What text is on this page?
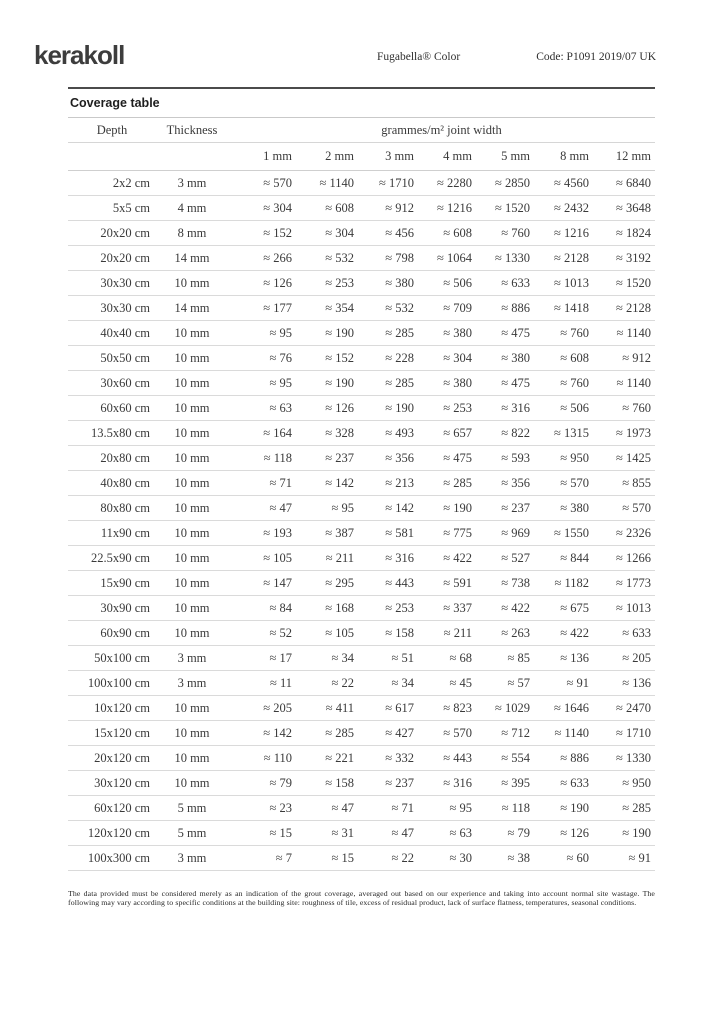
kerakoll	Fugabella® Color	Code: P1091 2019/07 UK
Coverage table
Depth	Thickness	grammes/m² joint width						
		1 mm	2 mm	3 mm	4 mm	5 mm	8 mm	12 mm
2x2 cm	3 mm	≈ 570	≈ 1140	≈ 1710	≈ 2280	≈ 2850	≈ 4560	≈ 6840
5x5 cm	4 mm	≈ 304	≈ 608	≈ 912	≈ 1216	≈ 1520	≈ 2432	≈ 3648
20x20 cm	8 mm	≈ 152	≈ 304	≈ 456	≈ 608	≈ 760	≈ 1216	≈ 1824
20x20 cm	14 mm	≈ 266	≈ 532	≈ 798	≈ 1064	≈ 1330	≈ 2128	≈ 3192
30x30 cm	10 mm	≈ 126	≈ 253	≈ 380	≈ 506	≈ 633	≈ 1013	≈ 1520
30x30 cm	14 mm	≈ 177	≈ 354	≈ 532	≈ 709	≈ 886	≈ 1418	≈ 2128
40x40 cm	10 mm	≈ 95	≈ 190	≈ 285	≈ 380	≈ 475	≈ 760	≈ 1140
50x50 cm	10 mm	≈ 76	≈ 152	≈ 228	≈ 304	≈ 380	≈ 608	≈ 912
30x60 cm	10 mm	≈ 95	≈ 190	≈ 285	≈ 380	≈ 475	≈ 760	≈ 1140
60x60 cm	10 mm	≈ 63	≈ 126	≈ 190	≈ 253	≈ 316	≈ 506	≈ 760
13.5x80 cm	10 mm	≈ 164	≈ 328	≈ 493	≈ 657	≈ 822	≈ 1315	≈ 1973
20x80 cm	10 mm	≈ 118	≈ 237	≈ 356	≈ 475	≈ 593	≈ 950	≈ 1425
40x80 cm	10 mm	≈ 71	≈ 142	≈ 213	≈ 285	≈ 356	≈ 570	≈ 855
80x80 cm	10 mm	≈ 47	≈ 95	≈ 142	≈ 190	≈ 237	≈ 380	≈ 570
11x90 cm	10 mm	≈ 193	≈ 387	≈ 581	≈ 775	≈ 969	≈ 1550	≈ 2326
22.5x90 cm	10 mm	≈ 105	≈ 211	≈ 316	≈ 422	≈ 527	≈ 844	≈ 1266
15x90 cm	10 mm	≈ 147	≈ 295	≈ 443	≈ 591	≈ 738	≈ 1182	≈ 1773
30x90 cm	10 mm	≈ 84	≈ 168	≈ 253	≈ 337	≈ 422	≈ 675	≈ 1013
60x90 cm	10 mm	≈ 52	≈ 105	≈ 158	≈ 211	≈ 263	≈ 422	≈ 633
50x100 cm	3 mm	≈ 17	≈ 34	≈ 51	≈ 68	≈ 85	≈ 136	≈ 205
100x100 cm	3 mm	≈ 11	≈ 22	≈ 34	≈ 45	≈ 57	≈ 91	≈ 136
10x120 cm	10 mm	≈ 205	≈ 411	≈ 617	≈ 823	≈ 1029	≈ 1646	≈ 2470
15x120 cm	10 mm	≈ 142	≈ 285	≈ 427	≈ 570	≈ 712	≈ 1140	≈ 1710
20x120 cm	10 mm	≈ 110	≈ 221	≈ 332	≈ 443	≈ 554	≈ 886	≈ 1330
30x120 cm	10 mm	≈ 79	≈ 158	≈ 237	≈ 316	≈ 395	≈ 633	≈ 950
60x120 cm	5 mm	≈ 23	≈ 47	≈ 71	≈ 95	≈ 118	≈ 190	≈ 285
120x120 cm	5 mm	≈ 15	≈ 31	≈ 47	≈ 63	≈ 79	≈ 126	≈ 190
100x300 cm	3 mm	≈ 7	≈ 15	≈ 22	≈ 30	≈ 38	≈ 60	≈ 91

The data provided must be considered merely as an indication of the grout coverage, averaged out based on our experience and taking into account normal site wastage. The following may vary according to specific conditions at the building site: roughness of tile, excess of residual product, lack of surface flatness, temperatures, seasonal conditions.
